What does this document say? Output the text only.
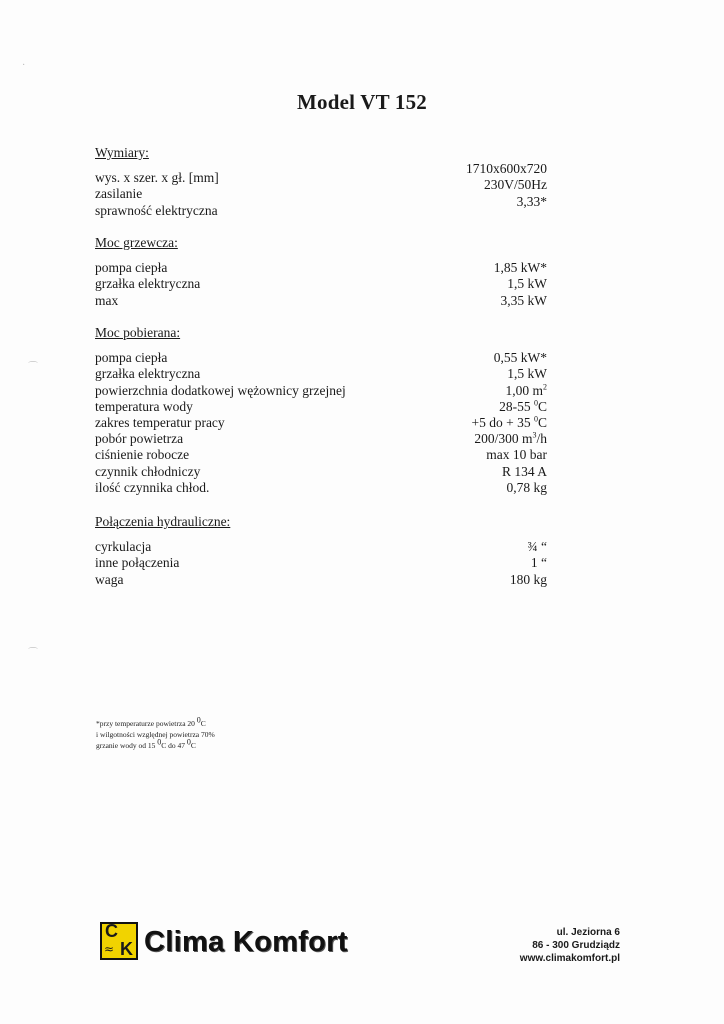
Model VT 152
Wymiary:
wys. x szer. x gł. [mm]
zasilanie
sprawność elektryczna
1710x600x720
230V/50Hz
3,33*
Moc grzewcza:
pompa ciepła
grzałka elektryczna
max
1,85 kW*
1,5 kW
3,35 kW
Moc pobierana:
pompa ciepła
grzałka elektryczna
powierzchnia dodatkowej wężownicy grzejnej
temperatura wody
zakres temperatur pracy
pobór powietrza
ciśnienie robocze
czynnik chłodniczy
ilość czynnika chłod.
0,55 kW*
1,5 kW
1,00 $m^2$
28-55 $^0$C
+5 do + 35 $^0$C
200/300 $m^3/h$
max 10 bar
R 134 A
0,78 kg
Połączenia hydrauliczne:
cyrkulacja
inne połączenia
waga
¾ “
1 “
180 kg
*przy temperaturze powietrza 20 $^0$C
i wilgotności względnej powietrza 70%
grzanie wody od 15 $^0$C do 47 $^0$C
C
≈ K Clima Komfort	ul. Jeziorna 6
86 - 300 Grudziądz
www.climakomfort.pl
·
⌒
⌒
